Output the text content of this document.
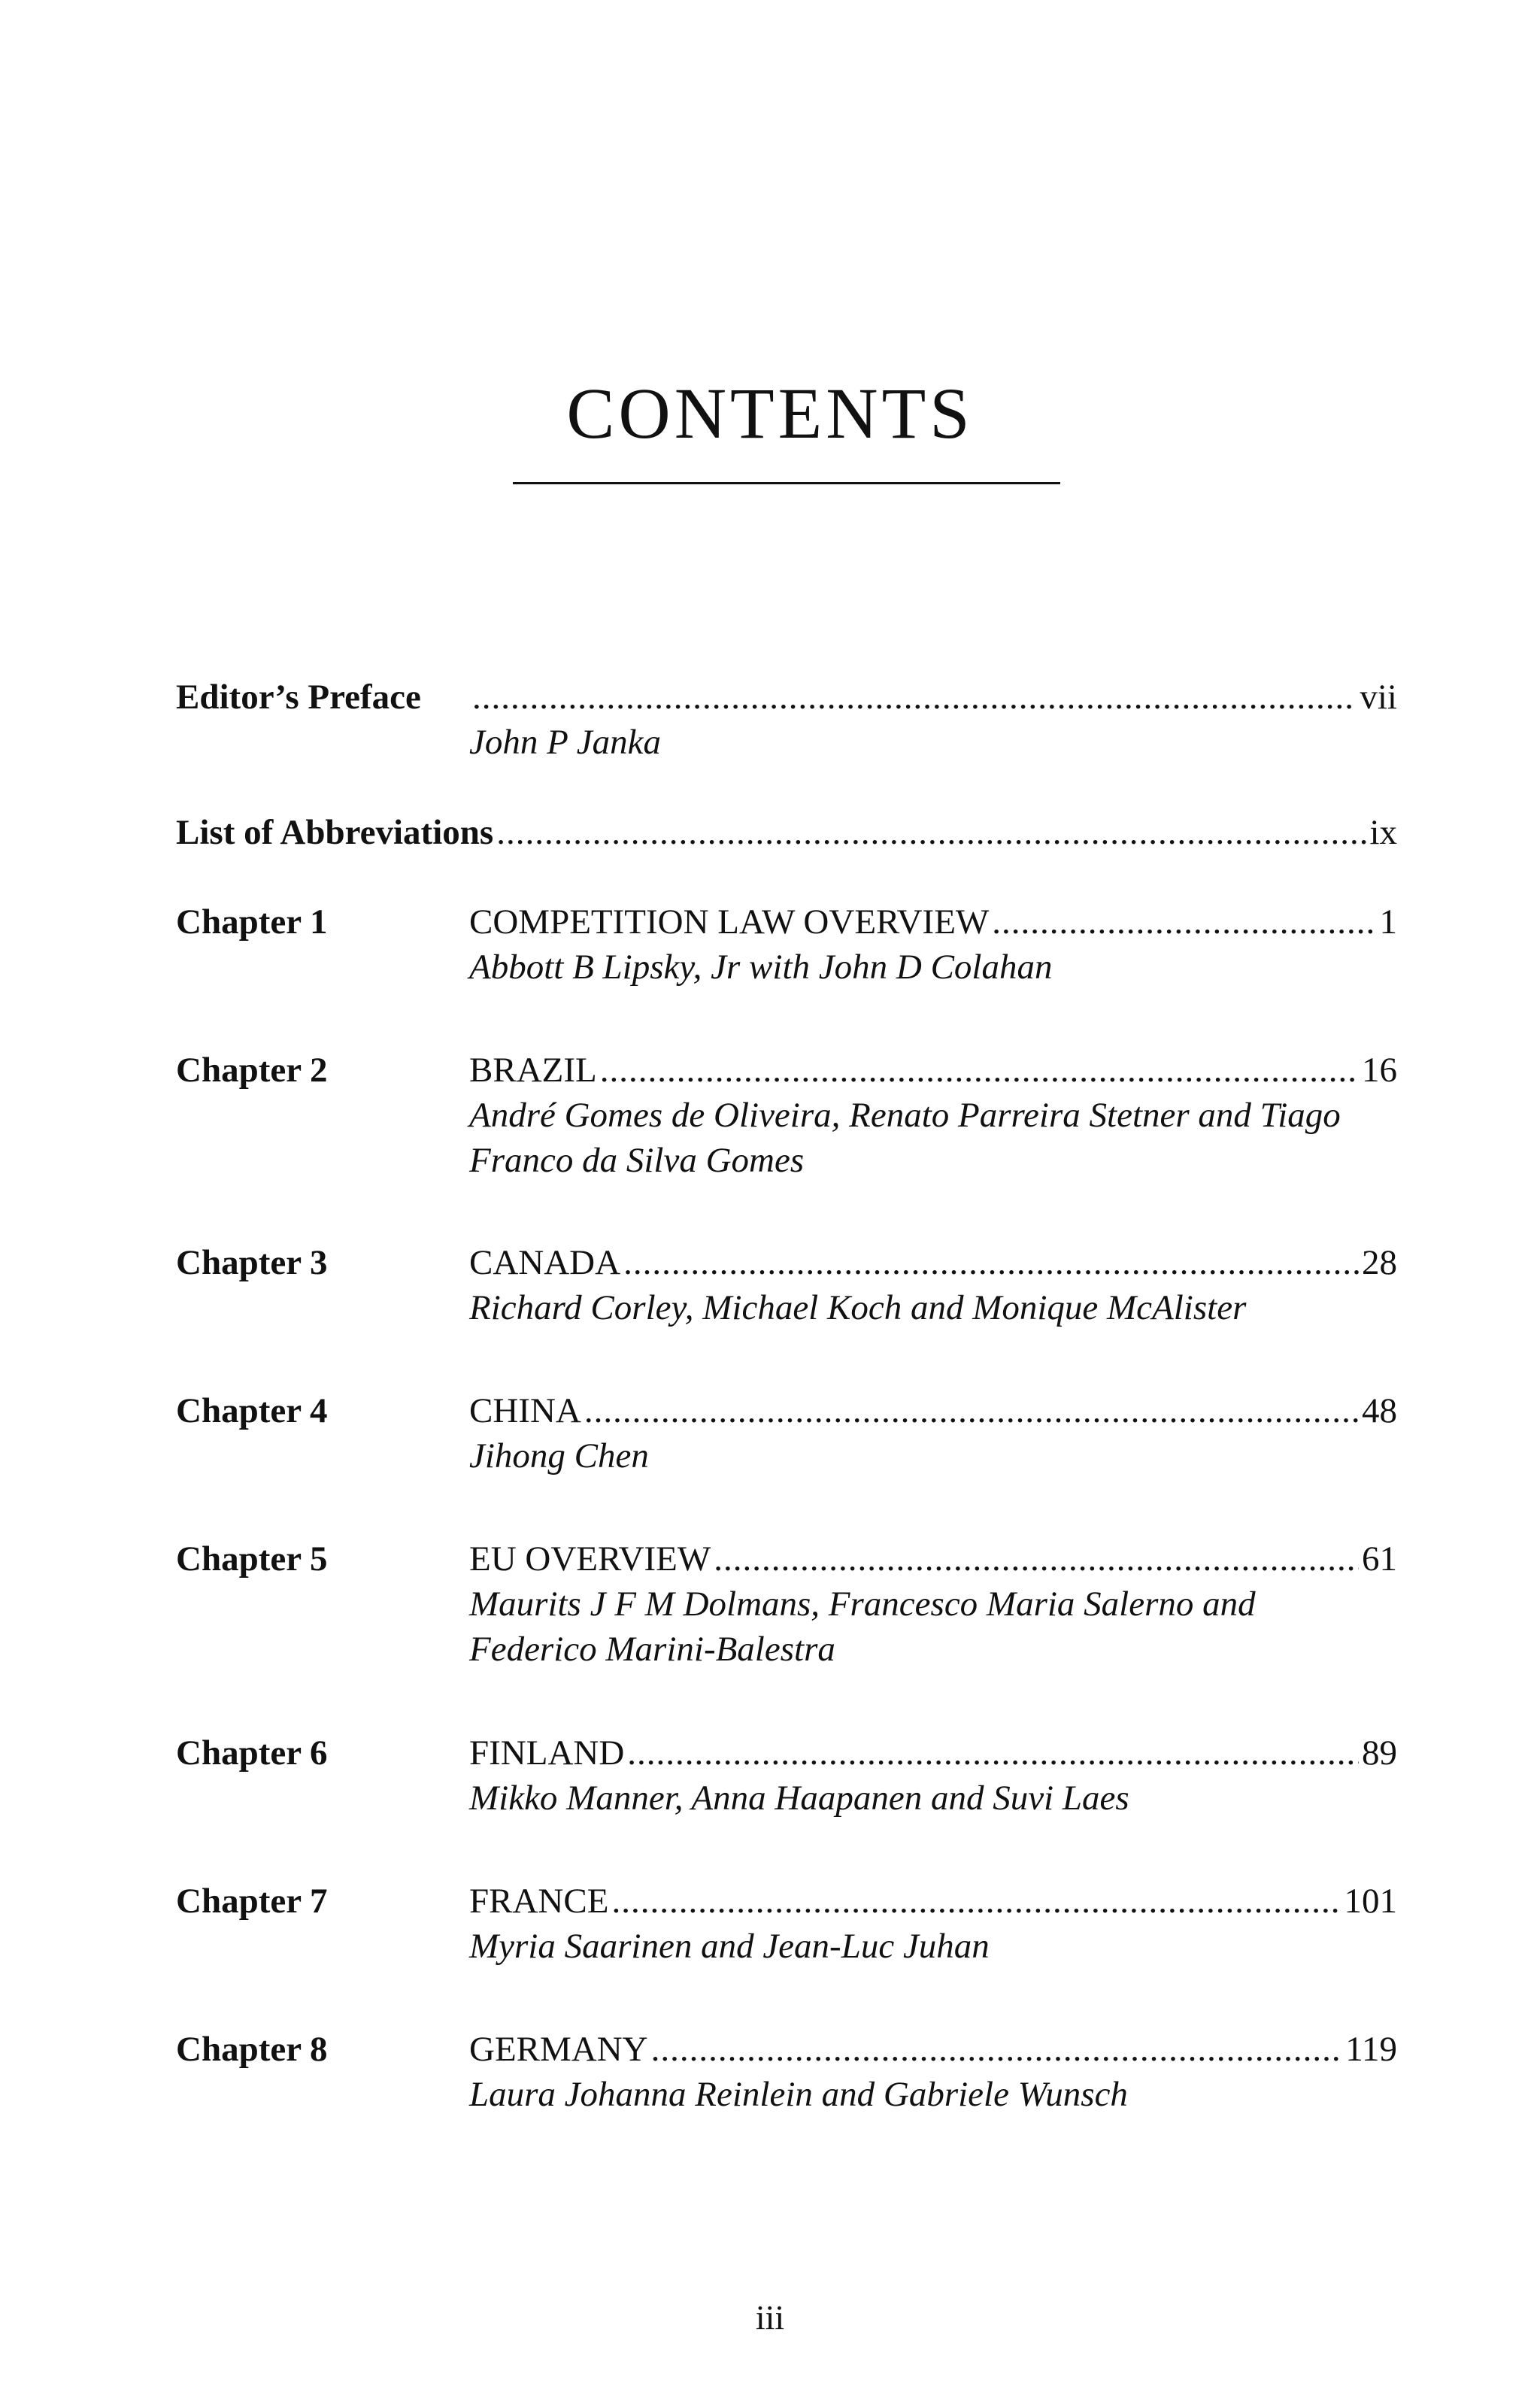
CONTENTS
Editor’s Preface .....	vii
John P Janka
List of Abbreviations .....	ix
Chapter 1	COMPETITION LAW OVERVIEW .....	1
Abbott B Lipsky, Jr with John D Colahan
Chapter 2	BRAZIL .....	16
André Gomes de Oliveira, Renato Parreira Stetner and Tiago Franco da Silva Gomes
Chapter 3	CANADA .....	28
Richard Corley, Michael Koch and Monique McAlister
Chapter 4	CHINA .....	48
Jihong Chen
Chapter 5	EU OVERVIEW .....	61
Maurits J F M Dolmans, Francesco Maria Salerno and Federico Marini-Balestra
Chapter 6	FINLAND .....	89
Mikko Manner, Anna Haapanen and Suvi Laes
Chapter 7	FRANCE .....	101
Myria Saarinen and Jean-Luc Juhan
Chapter 8	GERMANY .....	119
Laura Johanna Reinlein and Gabriele Wunsch
iii
